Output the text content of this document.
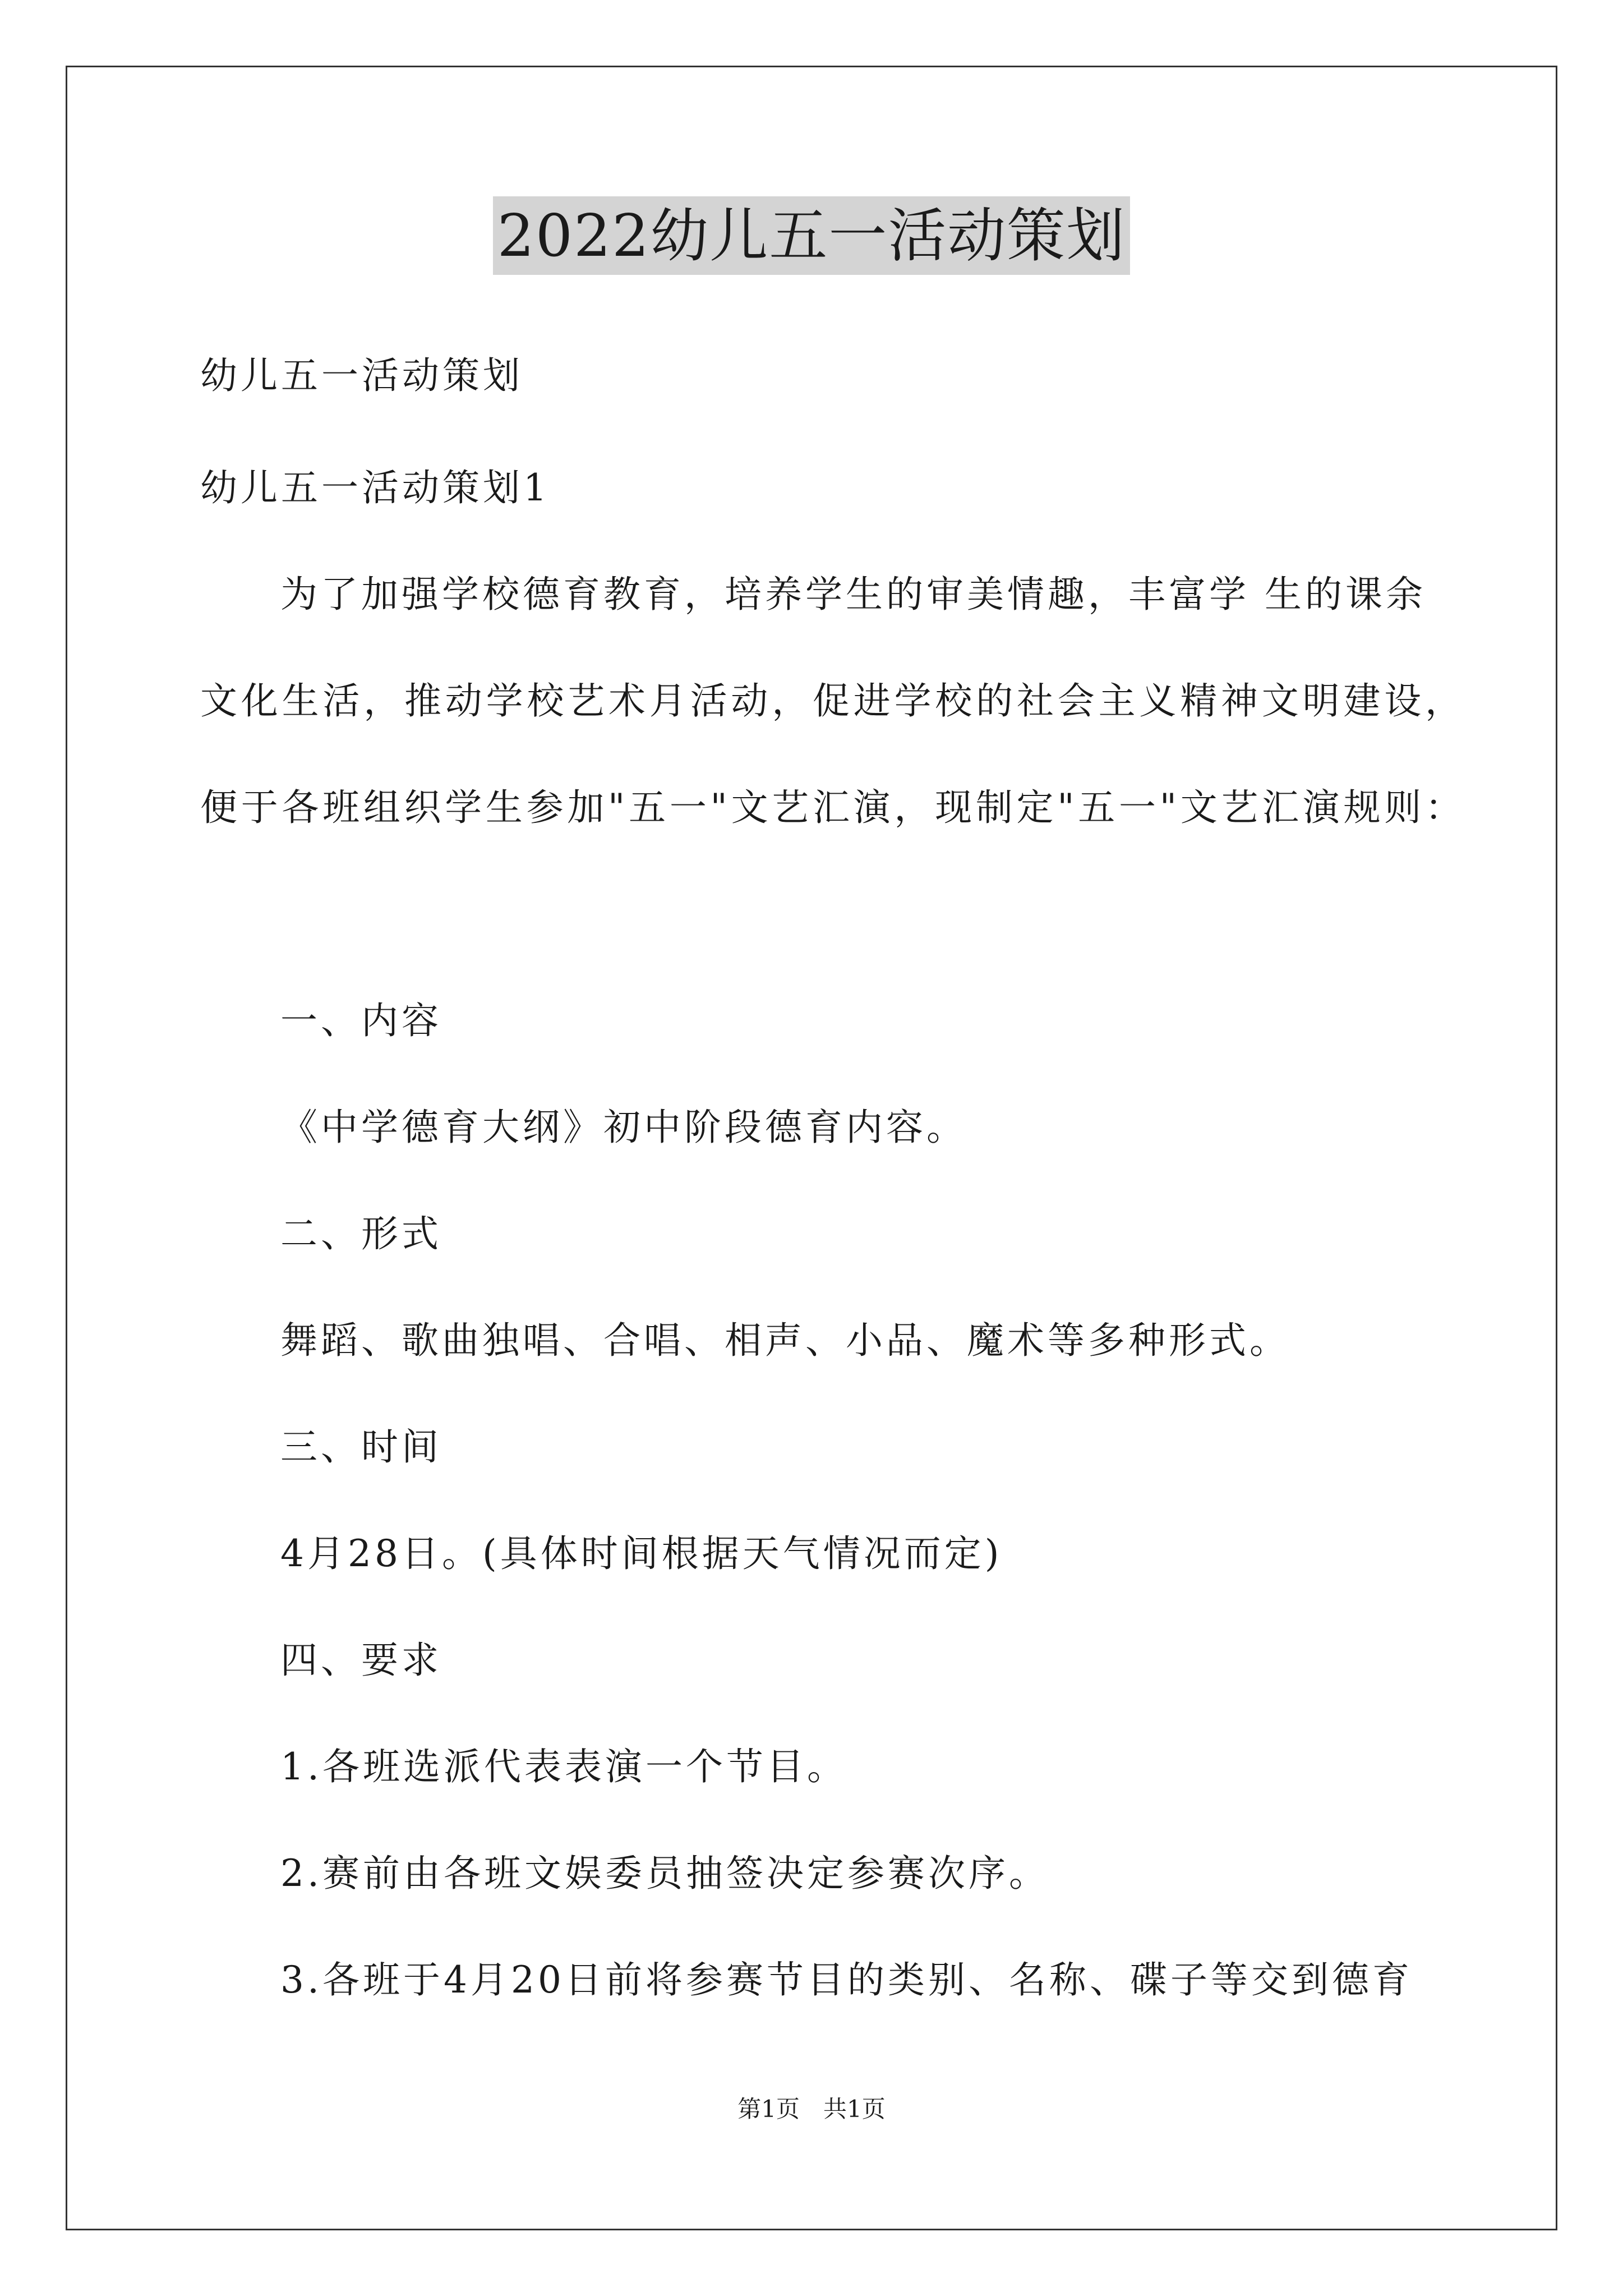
2022幼儿五一活动策划

幼儿五一活动策划

幼儿五一活动策划1

为了加强学校德育教育，培养学生的审美情趣，丰富学 生的课余

文化生活，推动学校艺术月活动，促进学校的社会主义精神文明建设，

便于各班组织学生参加"五一"文艺汇演，现制定"五一"文艺汇演规则：

一、内容

《中学德育大纲》初中阶段德育内容。

二、形式

舞蹈、歌曲独唱、合唱、相声、小品、魔术等多种形式。

三、时间

4月28日。(具体时间根据天气情况而定)

四、要求

1.各班选派代表表演一个节目。

2.赛前由各班文娱委员抽签决定参赛次序。

3.各班于4月20日前将参赛节目的类别、名称、碟子等交到德育

第1页　共1页
